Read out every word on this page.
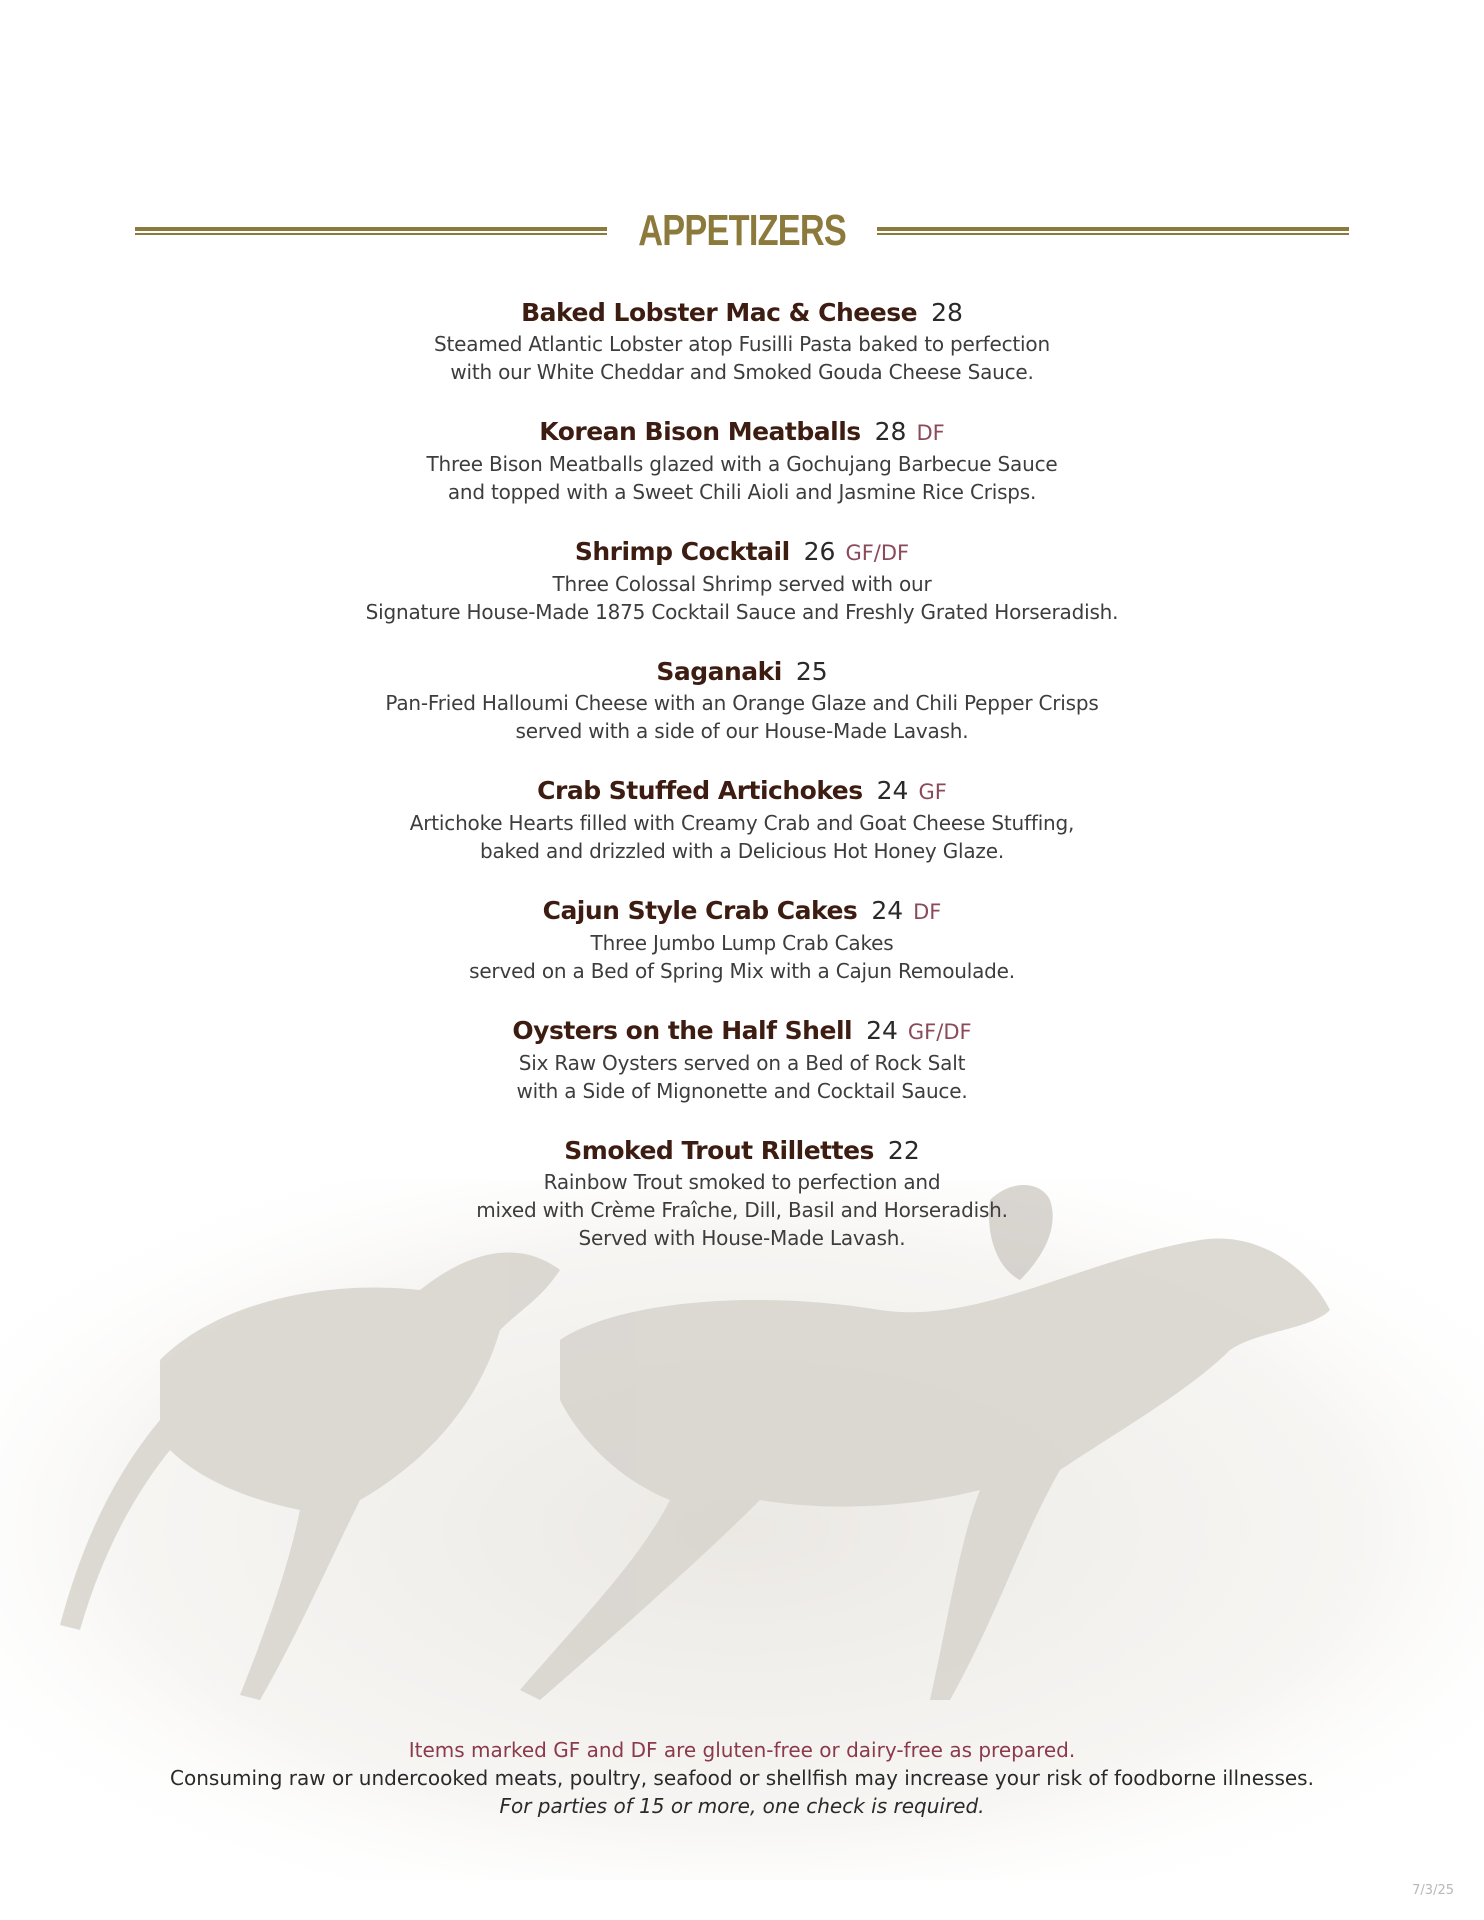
APPETIZERS
Baked Lobster Mac & Cheese 28
Steamed Atlantic Lobster atop Fusilli Pasta baked to perfection
with our White Cheddar and Smoked Gouda Cheese Sauce.
Korean Bison Meatballs 28 DF
Three Bison Meatballs glazed with a Gochujang Barbecue Sauce
and topped with a Sweet Chili Aioli and Jasmine Rice Crisps.
Shrimp Cocktail 26 GF/DF
Three Colossal Shrimp served with our
Signature House-Made 1875 Cocktail Sauce and Freshly Grated Horseradish.
Saganaki 25
Pan-Fried Halloumi Cheese with an Orange Glaze and Chili Pepper Crisps
served with a side of our House-Made Lavash.
Crab Stuffed Artichokes 24 GF
Artichoke Hearts filled with Creamy Crab and Goat Cheese Stuffing,
baked and drizzled with a Delicious Hot Honey Glaze.
Cajun Style Crab Cakes 24 DF
Three Jumbo Lump Crab Cakes
served on a Bed of Spring Mix with a Cajun Remoulade.
Oysters on the Half Shell 24 GF/DF
Six Raw Oysters served on a Bed of Rock Salt
with a Side of Mignonette and Cocktail Sauce.
Smoked Trout Rillettes 22
Rainbow Trout smoked to perfection and
mixed with Crème Fraîche, Dill, Basil and Horseradish.
Served with House-Made Lavash.
Items marked GF and DF are gluten-free or dairy-free as prepared.
Consuming raw or undercooked meats, poultry, seafood or shellfish may increase your risk of foodborne illnesses.
For parties of 15 or more, one check is required.
7/3/25
